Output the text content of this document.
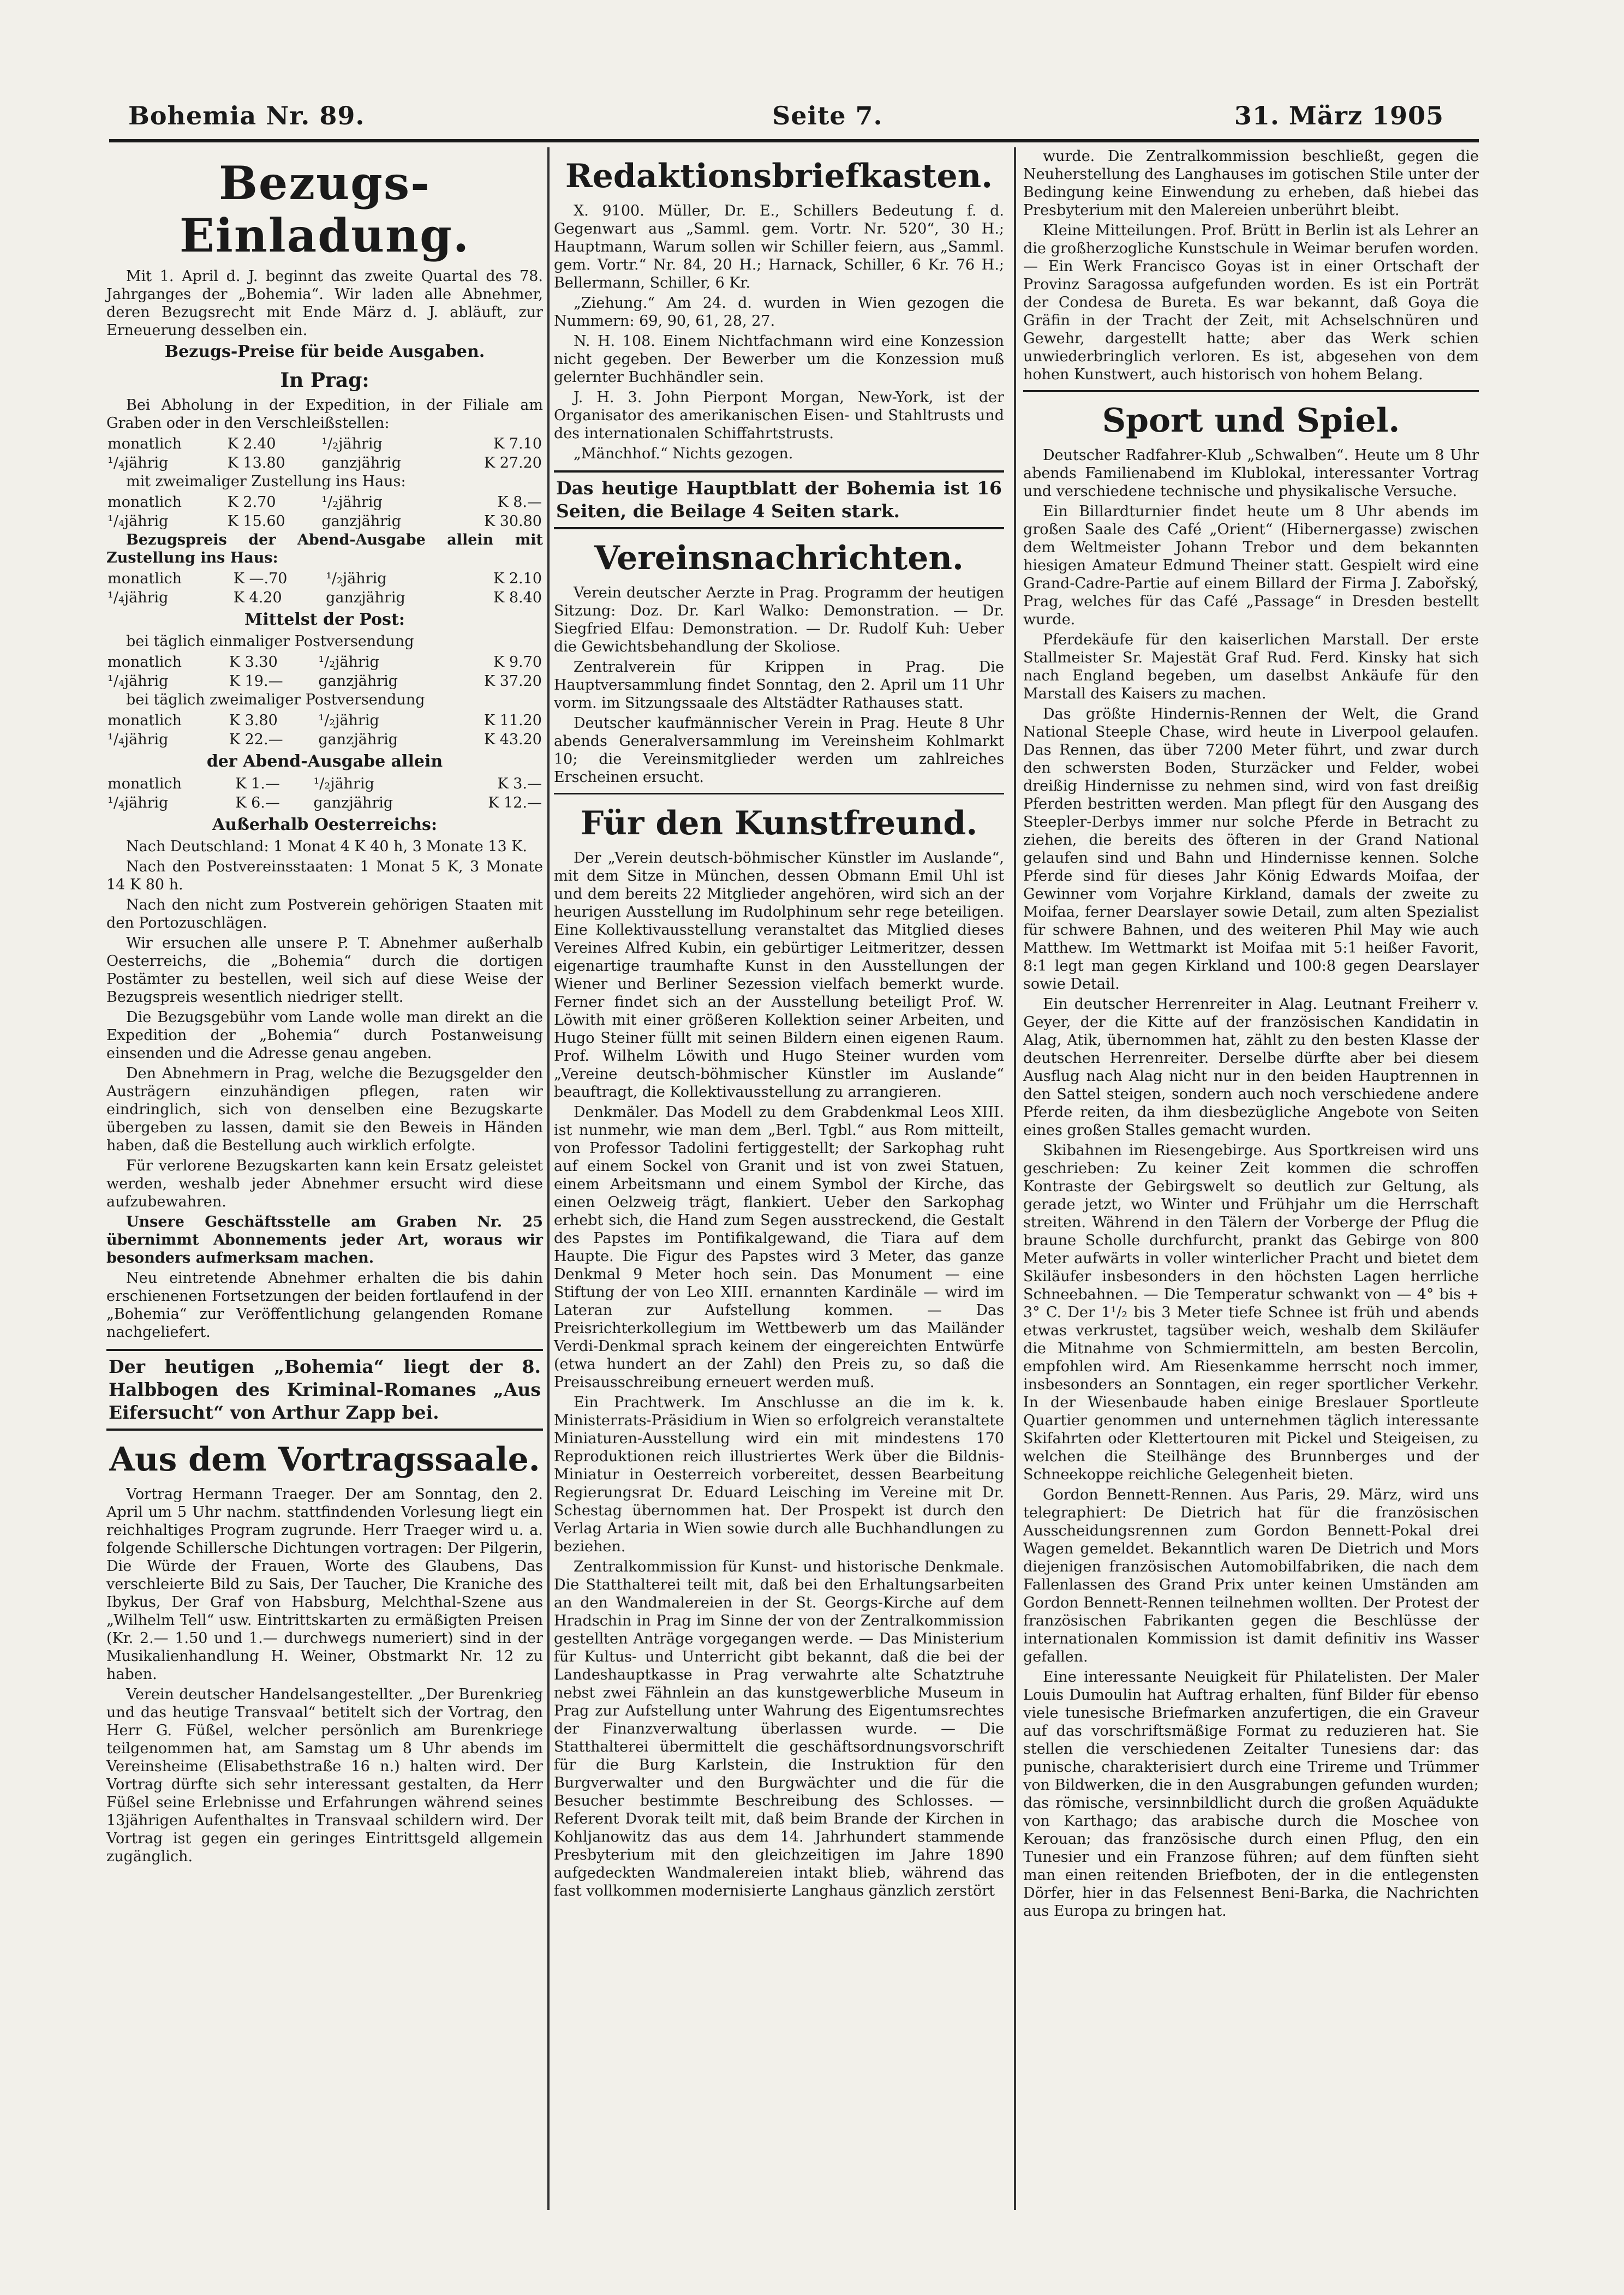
Bohemia Nr. 89.	Seite 7.	31. März 1905
Bezugs-Einladung.

Mit 1. April d. J. beginnt das zweite Quartal des 78. Jahrganges der „Bohemia“. Wir laden alle Abnehmer, deren Bezugsrecht mit Ende März d. J. abläuft, zur Erneuerung desselben ein.

Bezugs-Preise für beide Ausgaben.
In Prag:

Bei Abholung in der Expedition, in der Filiale am Graben oder in den Verschleißstellen:

monatlich	K 2.40	¹/₂jährig	K 7.10
¹/₄jährig	K 13.80	ganzjährig	K 27.20

mit zweimaliger Zustellung ins Haus:

monatlich	K 2.70	¹/₂jährig	K 8.—
¹/₄jährig	K 15.60	ganzjährig	K 30.80

Bezugspreis der Abend-Ausgabe allein mit Zustellung ins Haus:

monatlich	K —.70	¹/₂jährig	K 2.10
¹/₄jährig	K 4.20	ganzjährig	K 8.40
Mittelst der Post:

bei täglich einmaliger Postversendung

monatlich	K 3.30	¹/₂jährig	K 9.70
¹/₄jährig	K 19.—	ganzjährig	K 37.20

bei täglich zweimaliger Postversendung

monatlich	K 3.80	¹/₂jährig	K 11.20
¹/₄jährig	K 22.—	ganzjährig	K 43.20
der Abend-Ausgabe allein
monatlich	K 1.—	¹/₂jährig	K 3.—
¹/₄jährig	K 6.—	ganzjährig	K 12.—
Außerhalb Oesterreichs:

Nach Deutschland: 1 Monat 4 K 40 h, 3 Monate 13 K.

Nach den Postvereinsstaaten: 1 Monat 5 K, 3 Monate 14 K 80 h.

Nach den nicht zum Postverein gehörigen Staaten mit den Portozuschlägen.

Wir ersuchen alle unsere P. T. Abnehmer außerhalb Oesterreichs, die „Bohemia“ durch die dortigen Postämter zu bestellen, weil sich auf diese Weise der Bezugspreis wesentlich niedriger stellt.

Die Bezugsgebühr vom Lande wolle man direkt an die Expedition der „Bohemia“ durch Postanweisung einsenden und die Adresse genau angeben.

Den Abnehmern in Prag, welche die Bezugsgelder den Austrägern einzuhändigen pflegen, raten wir eindringlich, sich von denselben eine Bezugskarte übergeben zu lassen, damit sie den Beweis in Händen haben, daß die Bestellung auch wirklich erfolgte.

Für verlorene Bezugskarten kann kein Ersatz geleistet werden, weshalb jeder Abnehmer ersucht wird diese aufzubewahren.

Unsere Geschäftsstelle am Graben Nr. 25 übernimmt Abonnements jeder Art, woraus wir besonders aufmerksam machen.

Neu eintretende Abnehmer erhalten die bis dahin erschienenen Fortsetzungen der beiden fortlaufend in der „Bohemia“ zur Veröffentlichung gelangenden Romane nachgeliefert.

Der heutigen „Bohemia“ liegt der 8. Halbbogen des Kriminal-Romanes „Aus Eifersucht“ von Arthur Zapp bei.
Aus dem Vortragssaale.

Vortrag Hermann Traeger. Der am Sonntag, den 2. April um 5 Uhr nachm. stattfindenden Vorlesung liegt ein reichhaltiges Program zugrunde. Herr Traeger wird u. a. folgende Schillersche Dichtungen vortragen: Der Pilgerin, Die Würde der Frauen, Worte des Glaubens, Das verschleierte Bild zu Sais, Der Taucher, Die Kraniche des Ibykus, Der Graf von Habsburg, Melchthal-Szene aus „Wilhelm Tell“ usw. Eintrittskarten zu ermäßigten Preisen (Kr. 2.— 1.50 und 1.— durchwegs numeriert) sind in der Musikalienhandlung H. Weiner, Obstmarkt Nr. 12 zu haben.

Verein deutscher Handelsangestellter. „Der Burenkrieg und das heutige Transvaal“ betitelt sich der Vortrag, den Herr G. Füßel, welcher persönlich am Burenkriege teilgenommen hat, am Samstag um 8 Uhr abends im Vereinsheime (Elisabethstraße 16 n.) halten wird. Der Vortrag dürfte sich sehr interessant gestalten, da Herr Füßel seine Erlebnisse und Erfahrungen während seines 13jährigen Aufenthaltes in Transvaal schildern wird. Der Vortrag ist gegen ein geringes Eintrittsgeld allgemein zugänglich.

Redaktionsbriefkasten.

X. 9100. Müller, Dr. E., Schillers Bedeutung f. d. Gegenwart aus „Samml. gem. Vortr. Nr. 520“, 30 H.; Hauptmann, Warum sollen wir Schiller feiern, aus „Samml. gem. Vortr.“ Nr. 84, 20 H.; Harnack, Schiller, 6 Kr. 76 H.; Bellermann, Schiller, 6 Kr.

„Ziehung.“ Am 24. d. wurden in Wien gezogen die Nummern: 69, 90, 61, 28, 27.

N. H. 108. Einem Nichtfachmann wird eine Konzession nicht gegeben. Der Bewerber um die Konzession muß gelernter Buchhändler sein.

J. H. 3. John Pierpont Morgan, New-York, ist der Organisator des amerikanischen Eisen- und Stahltrusts und des internationalen Schiffahrtstrusts.

„Mänchhof.“ Nichts gezogen.

Das heutige Hauptblatt der Bohemia ist 16 Seiten, die Beilage 4 Seiten stark.
Vereinsnachrichten.

Verein deutscher Aerzte in Prag. Programm der heutigen Sitzung: Doz. Dr. Karl Walko: Demonstration. — Dr. Siegfried Elfau: Demonstration. — Dr. Rudolf Kuh: Ueber die Gewichtsbehandlung der Skoliose.

Zentralverein für Krippen in Prag. Die Hauptversammlung findet Sonntag, den 2. April um 11 Uhr vorm. im Sitzungssaale des Altstädter Rathauses statt.

Deutscher kaufmännischer Verein in Prag. Heute 8 Uhr abends Generalversammlung im Vereinsheim Kohlmarkt 10; die Vereinsmitglieder werden um zahlreiches Erscheinen ersucht.

Für den Kunstfreund.

Der „Verein deutsch-böhmischer Künstler im Auslande“, mit dem Sitze in München, dessen Obmann Emil Uhl ist und dem bereits 22 Mitglieder angehören, wird sich an der heurigen Ausstellung im Rudolphinum sehr rege beteiligen. Eine Kollektivausstellung veranstaltet das Mitglied dieses Vereines Alfred Kubin, ein gebürtiger Leitmeritzer, dessen eigenartige traumhafte Kunst in den Ausstellungen der Wiener und Berliner Sezession vielfach bemerkt wurde. Ferner findet sich an der Ausstellung beteiligt Prof. W. Löwith mit einer größeren Kollektion seiner Arbeiten, und Hugo Steiner füllt mit seinen Bildern einen eigenen Raum. Prof. Wilhelm Löwith und Hugo Steiner wurden vom „Vereine deutsch-böhmischer Künstler im Auslande“ beauftragt, die Kollektivausstellung zu arrangieren.

Denkmäler. Das Modell zu dem Grabdenkmal Leos XIII. ist nunmehr, wie man dem „Berl. Tgbl.“ aus Rom mitteilt, von Professor Tadolini fertiggestellt; der Sarkophag ruht auf einem Sockel von Granit und ist von zwei Statuen, einem Arbeitsmann und einem Symbol der Kirche, das einen Oelzweig trägt, flankiert. Ueber den Sarkophag erhebt sich, die Hand zum Segen ausstreckend, die Gestalt des Papstes im Pontifikalgewand, die Tiara auf dem Haupte. Die Figur des Papstes wird 3 Meter, das ganze Denkmal 9 Meter hoch sein. Das Monument — eine Stiftung der von Leo XIII. ernannten Kardinäle — wird im Lateran zur Aufstellung kommen. — Das Preisrichterkollegium im Wettbewerb um das Mailänder Verdi-Denkmal sprach keinem der eingereichten Entwürfe (etwa hundert an der Zahl) den Preis zu, so daß die Preisausschreibung erneuert werden muß.

Ein Prachtwerk. Im Anschlusse an die im k. k. Ministerrats-Präsidium in Wien so erfolgreich veranstaltete Miniaturen-Ausstellung wird ein mit mindestens 170 Reproduktionen reich illustriertes Werk über die Bildnis-Miniatur in Oesterreich vorbereitet, dessen Bearbeitung Regierungsrat Dr. Eduard Leisching im Vereine mit Dr. Schestag übernommen hat. Der Prospekt ist durch den Verlag Artaria in Wien sowie durch alle Buchhandlungen zu beziehen.

Zentralkommission für Kunst- und historische Denkmale. Die Statthalterei teilt mit, daß bei den Erhaltungsarbeiten an den Wandmalereien in der St. Georgs-Kirche auf dem Hradschin in Prag im Sinne der von der Zentralkommission gestellten Anträge vorgegangen werde. — Das Ministerium für Kultus- und Unterricht gibt bekannt, daß die bei der Landeshauptkasse in Prag verwahrte alte Schatztruhe nebst zwei Fähnlein an das kunstgewerbliche Museum in Prag zur Aufstellung unter Wahrung des Eigentumsrechtes der Finanzverwaltung überlassen wurde. — Die Statthalterei übermittelt die geschäftsordnungsvorschrift für die Burg Karlstein, die Instruktion für den Burgverwalter und den Burgwächter und die für die Besucher bestimmte Beschreibung des Schlosses. — Referent Dvorak teilt mit, daß beim Brande der Kirchen in Kohljanowitz das aus dem 14. Jahrhundert stammende Presbyterium mit den gleichzeitigen im Jahre 1890 aufgedeckten Wandmalereien intakt blieb, während das fast vollkommen modernisierte Langhaus gänzlich zerstört

wurde. Die Zentralkommission beschließt, gegen die Neuherstellung des Langhauses im gotischen Stile unter der Bedingung keine Einwendung zu erheben, daß hiebei das Presbyterium mit den Malereien unberührt bleibt.

Kleine Mitteilungen. Prof. Brütt in Berlin ist als Lehrer an die großherzogliche Kunstschule in Weimar berufen worden. — Ein Werk Francisco Goyas ist in einer Ortschaft der Provinz Saragossa aufgefunden worden. Es ist ein Porträt der Condesa de Bureta. Es war bekannt, daß Goya die Gräfin in der Tracht der Zeit, mit Achselschnüren und Gewehr, dargestellt hatte; aber das Werk schien unwiederbringlich verloren. Es ist, abgesehen von dem hohen Kunstwert, auch historisch von hohem Belang.

Sport und Spiel.

Deutscher Radfahrer-Klub „Schwalben“. Heute um 8 Uhr abends Familienabend im Klublokal, interessanter Vortrag und verschiedene technische und physikalische Versuche.

Ein Billardturnier findet heute um 8 Uhr abends im großen Saale des Café „Orient“ (Hibernergasse) zwischen dem Weltmeister Johann Trebor und dem bekannten hiesigen Amateur Edmund Theiner statt. Gespielt wird eine Grand-Cadre-Partie auf einem Billard der Firma J. Zabořský, Prag, welches für das Café „Passage“ in Dresden bestellt wurde.

Pferdekäufe für den kaiserlichen Marstall. Der erste Stallmeister Sr. Majestät Graf Rud. Ferd. Kinsky hat sich nach England begeben, um daselbst Ankäufe für den Marstall des Kaisers zu machen.

Das größte Hindernis-Rennen der Welt, die Grand National Steeple Chase, wird heute in Liverpool gelaufen. Das Rennen, das über 7200 Meter führt, und zwar durch den schwersten Boden, Sturzäcker und Felder, wobei dreißig Hindernisse zu nehmen sind, wird von fast dreißig Pferden bestritten werden. Man pflegt für den Ausgang des Steepler-Derbys immer nur solche Pferde in Betracht zu ziehen, die bereits des öfteren in der Grand National gelaufen sind und Bahn und Hindernisse kennen. Solche Pferde sind für dieses Jahr König Edwards Moifaa, der Gewinner vom Vorjahre Kirkland, damals der zweite zu Moifaa, ferner Dearslayer sowie Detail, zum alten Spezialist für schwere Bahnen, und des weiteren Phil May wie auch Matthew. Im Wettmarkt ist Moifaa mit 5:1 heißer Favorit, 8:1 legt man gegen Kirkland und 100:8 gegen Dearslayer sowie Detail.

Ein deutscher Herrenreiter in Alag. Leutnant Freiherr v. Geyer, der die Kitte auf der französischen Kandidatin in Alag, Atik, übernommen hat, zählt zu den besten Klasse der deutschen Herrenreiter. Derselbe dürfte aber bei diesem Ausflug nach Alag nicht nur in den beiden Hauptrennen in den Sattel steigen, sondern auch noch verschiedene andere Pferde reiten, da ihm diesbezügliche Angebote von Seiten eines großen Stalles gemacht wurden.

Skibahnen im Riesengebirge. Aus Sportkreisen wird uns geschrieben: Zu keiner Zeit kommen die schroffen Kontraste der Gebirgswelt so deutlich zur Geltung, als gerade jetzt, wo Winter und Frühjahr um die Herrschaft streiten. Während in den Tälern der Vorberge der Pflug die braune Scholle durchfurcht, prankt das Gebirge von 800 Meter aufwärts in voller winterlicher Pracht und bietet dem Skiläufer insbesonders in den höchsten Lagen herrliche Schneebahnen. — Die Temperatur schwankt von — 4° bis + 3° C. Der 1¹/₂ bis 3 Meter tiefe Schnee ist früh und abends etwas verkrustet, tagsüber weich, weshalb dem Skiläufer die Mitnahme von Schmiermitteln, am besten Bercolin, empfohlen wird. Am Riesenkamme herrscht noch immer, insbesonders an Sonntagen, ein reger sportlicher Verkehr. In der Wiesenbaude haben einige Breslauer Sportleute Quartier genommen und unternehmen täglich interessante Skifahrten oder Klettertouren mit Pickel und Steigeisen, zu welchen die Steilhänge des Brunnberges und der Schneekoppe reichliche Gelegenheit bieten.

Gordon Bennett-Rennen. Aus Paris, 29. März, wird uns telegraphiert: De Dietrich hat für die französischen Ausscheidungsrennen zum Gordon Bennett-Pokal drei Wagen gemeldet. Bekanntlich waren De Dietrich und Mors diejenigen französischen Automobilfabriken, die nach dem Fallenlassen des Grand Prix unter keinen Umständen am Gordon Bennett-Rennen teilnehmen wollten. Der Protest der französischen Fabrikanten gegen die Beschlüsse der internationalen Kommission ist damit definitiv ins Wasser gefallen.

Eine interessante Neuigkeit für Philatelisten. Der Maler Louis Dumoulin hat Auftrag erhalten, fünf Bilder für ebenso viele tunesische Briefmarken anzufertigen, die ein Graveur auf das vorschriftsmäßige Format zu reduzieren hat. Sie stellen die verschiedenen Zeitalter Tunesiens dar: das punische, charakterisiert durch eine Trireme und Trümmer von Bildwerken, die in den Ausgrabungen gefunden wurden; das römische, versinnbildlicht durch die großen Aquädukte von Karthago; das arabische durch die Moschee von Kerouan; das französische durch einen Pflug, den ein Tunesier und ein Franzose führen; auf dem fünften sieht man einen reitenden Briefboten, der in die entlegensten Dörfer, hier in das Felsennest Beni-Barka, die Nachrichten aus Europa zu bringen hat.
